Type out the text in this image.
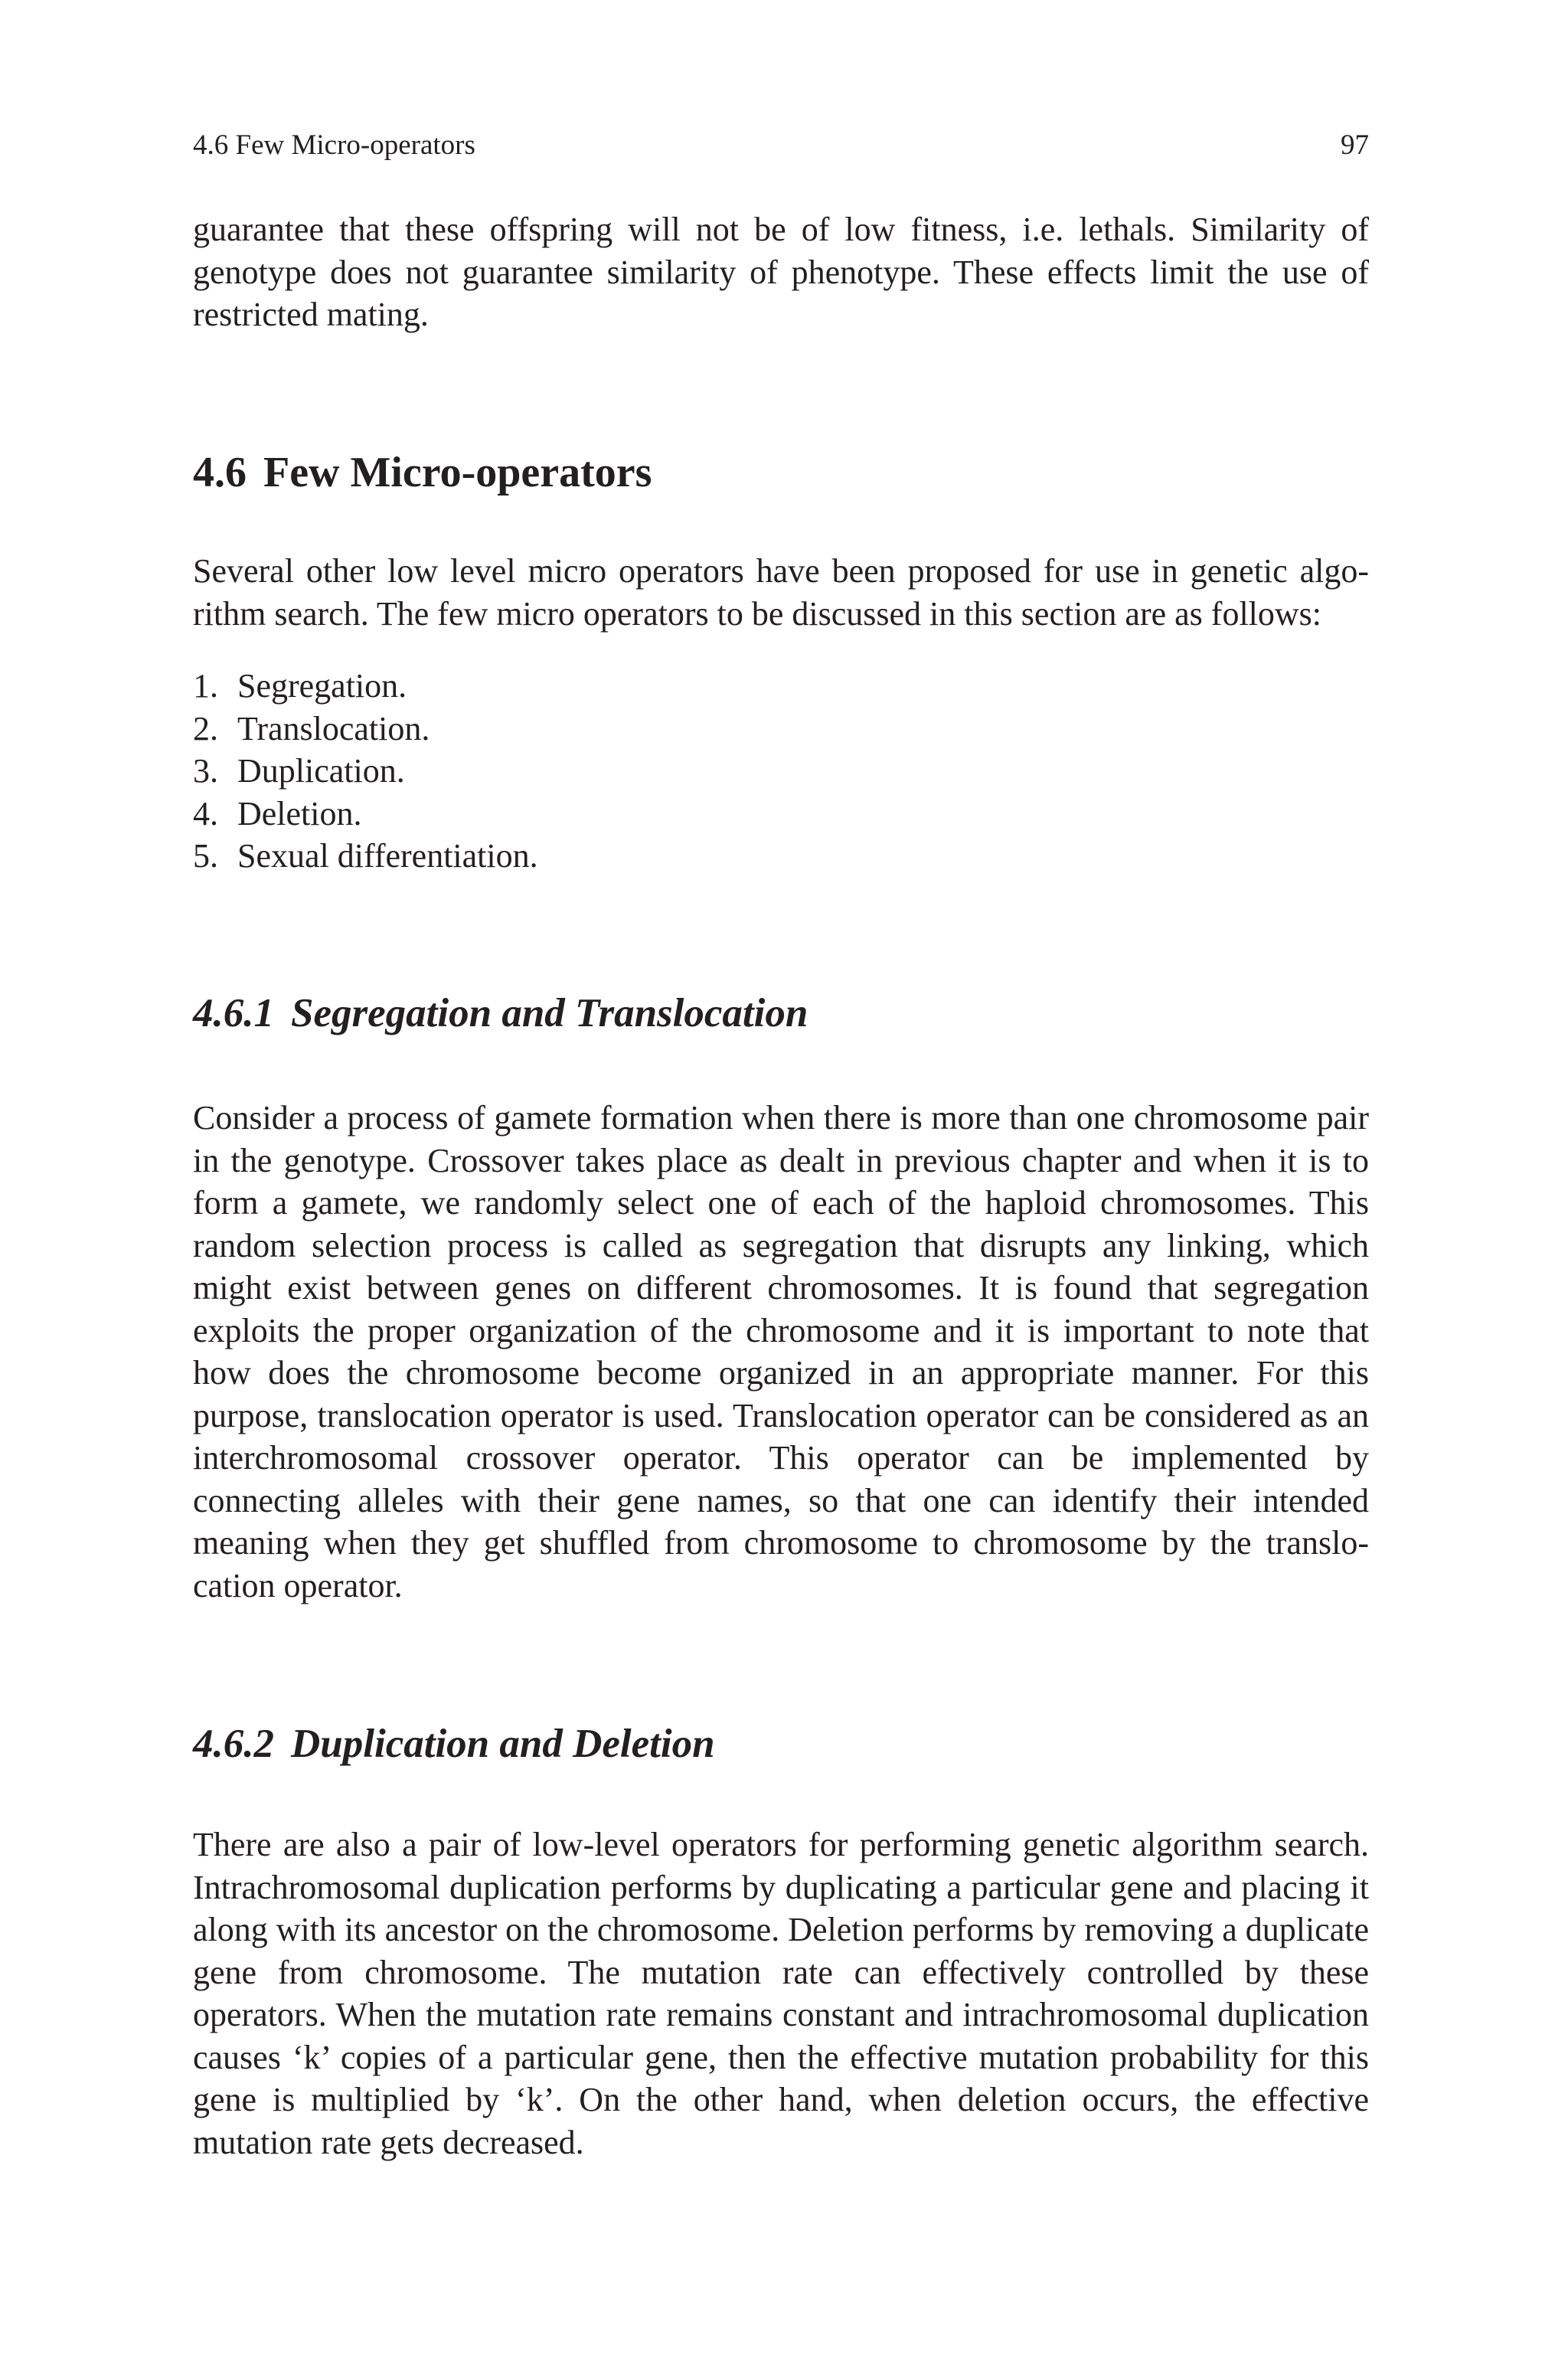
4.6 Few Micro-operators	97

guarantee that these offspring will not be of low fitness, i.e. lethals. Similarity of genotype does not guarantee similarity of phenotype. These effects limit the use of restricted mating.

4.6 Few Micro-operators

Several other low level micro operators have been proposed for use in genetic algorithm search. The few micro operators to be discussed in this section are as follows:

1. Segregation.
2. Translocation.
3. Duplication.
4. Deletion.
5. Sexual differentiation.
4.6.1 Segregation and Translocation

Consider a process of gamete formation when there is more than one chromosome pair in the genotype. Crossover takes place as dealt in previous chapter and when it is to form a gamete, we randomly select one of each of the haploid chromosomes. This random selection process is called as segregation that disrupts any linking, which might exist between genes on different chromosomes. It is found that segregation exploits the proper organization of the chromosome and it is important to note that how does the chromosome become organized in an appropriate manner. For this purpose, translocation operator is used. Translocation operator can be considered as an interchromosomal crossover operator. This operator can be implemented by connecting alleles with their gene names, so that one can identify their intended meaning when they get shuffled from chromosome to chromosome by the translocation operator.

4.6.2 Duplication and Deletion

There are also a pair of low-level operators for performing genetic algorithm search. Intrachromosomal duplication performs by duplicating a particular gene and placing it along with its ancestor on the chromosome. Deletion performs by removing a duplicate gene from chromosome. The mutation rate can effectively controlled by these operators. When the mutation rate remains constant and intrachromosomal duplication causes ‘k’ copies of a particular gene, then the effective mutation probability for this gene is multiplied by ‘k’. On the other hand, when deletion occurs, the effective mutation rate gets decreased.
